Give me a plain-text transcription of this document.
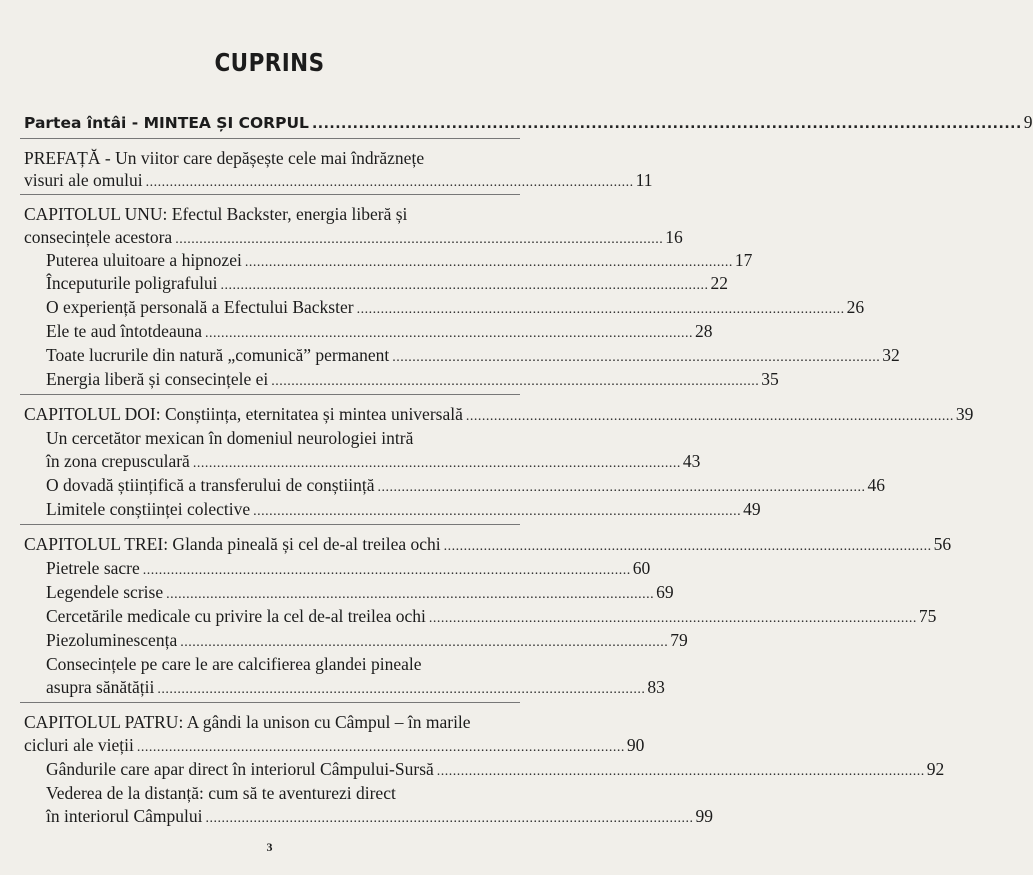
CUPRINS
Partea întâi - MINTEA ȘI CORPUL .......................................................................................................................... 9
PREFAȚĂ - Un viitor care depășește cele mai îndrăznețe
visuri ale omului .......................................................................................................................... 11
CAPITOLUL UNU: Efectul Backster, energia liberă și
consecințele acestora .......................................................................................................................... 16
Puterea uluitoare a hipnozei .......................................................................................................................... 17
Începuturile poligrafului .......................................................................................................................... 22
O experiență personală a Efectului Backster .......................................................................................................................... 26
Ele te aud întotdeauna .......................................................................................................................... 28
Toate lucrurile din natură „comunică” permanent .......................................................................................................................... 32
Energia liberă și consecințele ei .......................................................................................................................... 35
CAPITOLUL DOI: Conștiința, eternitatea și mintea universală .......................................................................................................................... 39
Un cercetător mexican în domeniul neurologiei intră
în zona crepusculară .......................................................................................................................... 43
O dovadă științifică a transferului de conștiință .......................................................................................................................... 46
Limitele conștiinței colective .......................................................................................................................... 49
CAPITOLUL TREI: Glanda pineală și cel de-al treilea ochi .......................................................................................................................... 56
Pietrele sacre .......................................................................................................................... 60
Legendele scrise .......................................................................................................................... 69
Cercetările medicale cu privire la cel de-al treilea ochi .......................................................................................................................... 75
Piezoluminescența .......................................................................................................................... 79
Consecințele pe care le are calcifierea glandei pineale
asupra sănătății .......................................................................................................................... 83
CAPITOLUL PATRU: A gândi la unison cu Câmpul – în marile
cicluri ale vieții .......................................................................................................................... 90
Gândurile care apar direct în interiorul Câmpului-Sursă .......................................................................................................................... 92
Vederea de la distanță: cum să te aventurezi direct
în interiorul Câmpului .......................................................................................................................... 99
3
